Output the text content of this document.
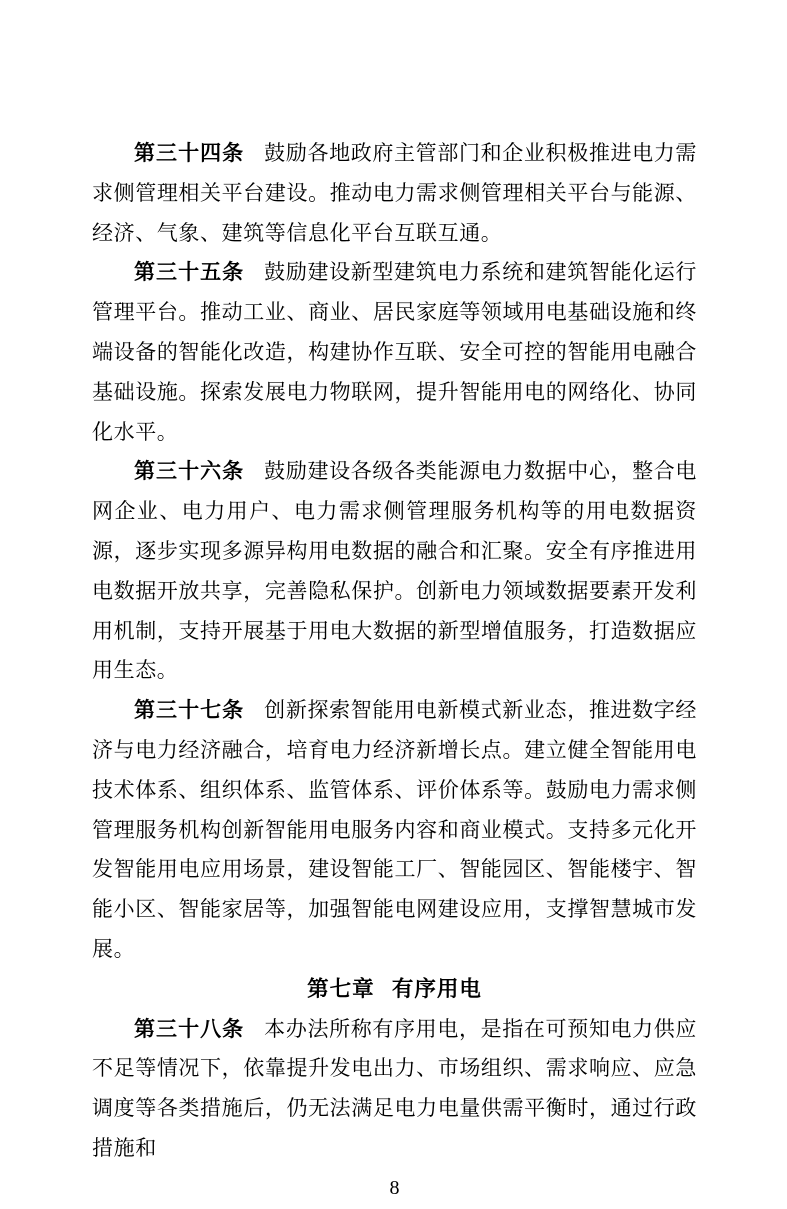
第三十四条 鼓励各地政府主管部门和企业积极推进电力需求侧管理相关平台建设。推动电力需求侧管理相关平台与能源、经济、气象、建筑等信息化平台互联互通。

第三十五条 鼓励建设新型建筑电力系统和建筑智能化运行管理平台。推动工业、商业、居民家庭等领域用电基础设施和终端设备的智能化改造，构建协作互联、安全可控的智能用电融合基础设施。探索发展电力物联网，提升智能用电的网络化、协同化水平。

第三十六条 鼓励建设各级各类能源电力数据中心，整合电网企业、电力用户、电力需求侧管理服务机构等的用电数据资源，逐步实现多源异构用电数据的融合和汇聚。安全有序推进用电数据开放共享，完善隐私保护。创新电力领域数据要素开发利用机制，支持开展基于用电大数据的新型增值服务，打造数据应用生态。

第三十七条 创新探索智能用电新模式新业态，推进数字经济与电力经济融合，培育电力经济新增长点。建立健全智能用电技术体系、组织体系、监管体系、评价体系等。鼓励电力需求侧管理服务机构创新智能用电服务内容和商业模式。支持多元化开发智能用电应用场景，建设智能工厂、智能园区、智能楼宇、智能小区、智能家居等，加强智能电网建设应用，支撑智慧城市发展。

第七章 有序用电

第三十八条 本办法所称有序用电，是指在可预知电力供应不足等情况下，依靠提升发电出力、市场组织、需求响应、应急调度等各类措施后，仍无法满足电力电量供需平衡时，通过行政措施和

8
